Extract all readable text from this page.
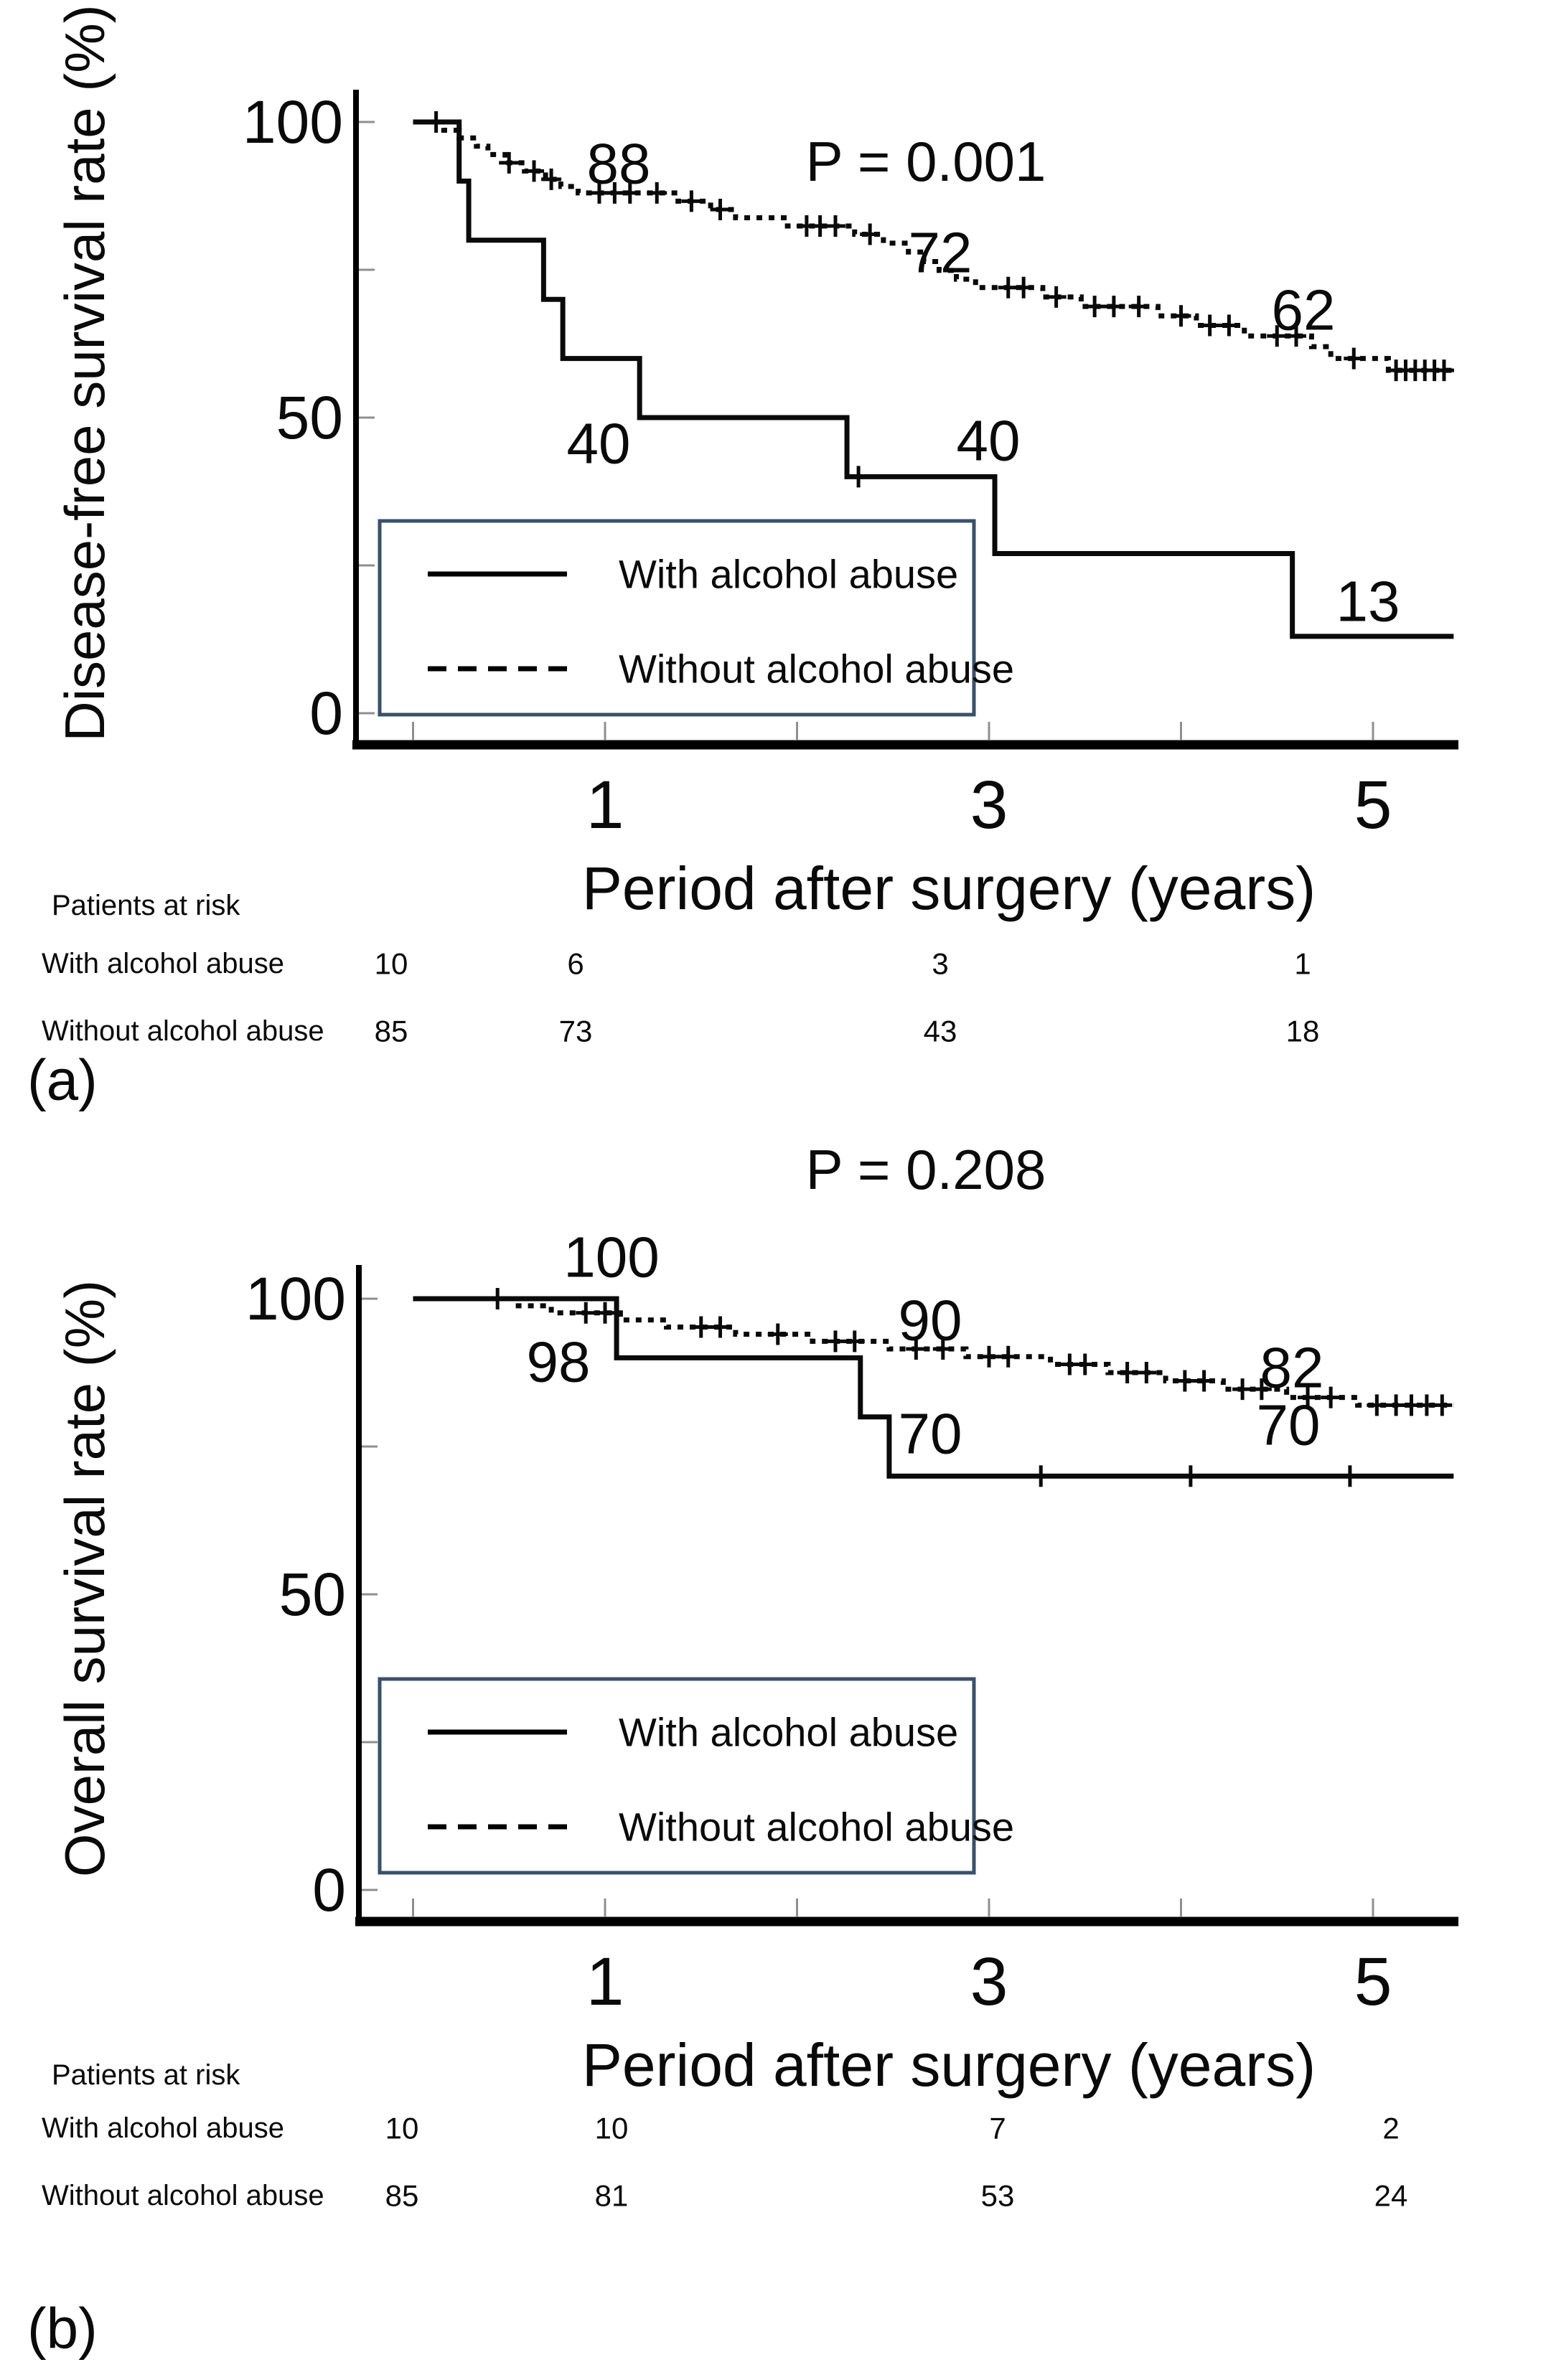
100
50
0
1	3	5
88
72
62
40	40
13
10	6	3	1
85	73	43	18
Disease-free survival rate (%)
Period after surgery (years)
P = 0.001
With alcohol abuse
Without alcohol abuse
Patients at risk
With alcohol abuse
Without alcohol abuse
(a)
100
50
0
1	3	5
100
98
90
82
70	70
10	10	7	2
85	81	53	24
Overall survival rate (%)
Period after surgery (years)
P = 0.208
With alcohol abuse
Without alcohol abuse
Patients at risk
With alcohol abuse
Without alcohol abuse
(b)
